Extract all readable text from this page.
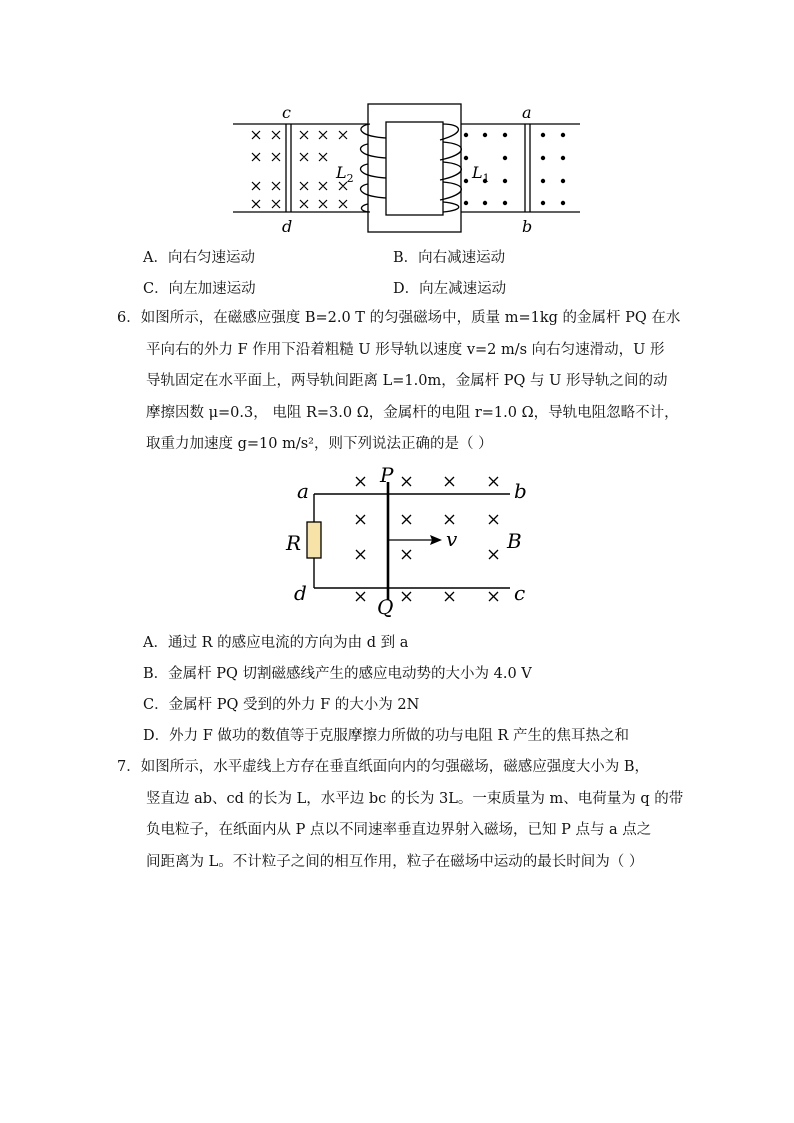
c
d
a
b
$L_2$	$L_1$
A．向右匀速运动	B．向右减速运动
C．向左加速运动	D．向左减速运动

6．如图所示，在磁感应强度 B=2.0 T 的匀强磁场中，质量 m=1kg 的金属杆 PQ 在水

平向右的外力 F 作用下沿着粗糙 U 形导轨以速度 v=2 m/s 向右匀速滑动，U 形

导轨固定在水平面上，两导轨间距离 L=1.0m，金属杆 PQ 与 U 形导轨之间的动

摩擦因数 μ=0.3， 电阻 R=3.0 Ω，金属杆的电阻 r=1.0 Ω，导轨电阻忽略不计，

取重力加速度 g=10 m/s²，则下列说法正确的是（ ）

a	b
d	c
P
Q
R	v B
A．通过 R 的感应电流的方向为由 d 到 a
B．金属杆 PQ 切割磁感线产生的感应电动势的大小为 4.0 V
C．金属杆 PQ 受到的外力 F 的大小为 2N
D．外力 F 做功的数值等于克服摩擦力所做的功与电阻 R 产生的焦耳热之和

7．如图所示，水平虚线上方存在垂直纸面向内的匀强磁场，磁感应强度大小为 B，

竖直边 ab、cd 的长为 L，水平边 bc 的长为 3L。一束质量为 m、电荷量为 q 的带

负电粒子，在纸面内从 P 点以不同速率垂直边界射入磁场，已知 P 点与 a 点之

间距离为 L。不计粒子之间的相互作用，粒子在磁场中运动的最长时间为（ ）
